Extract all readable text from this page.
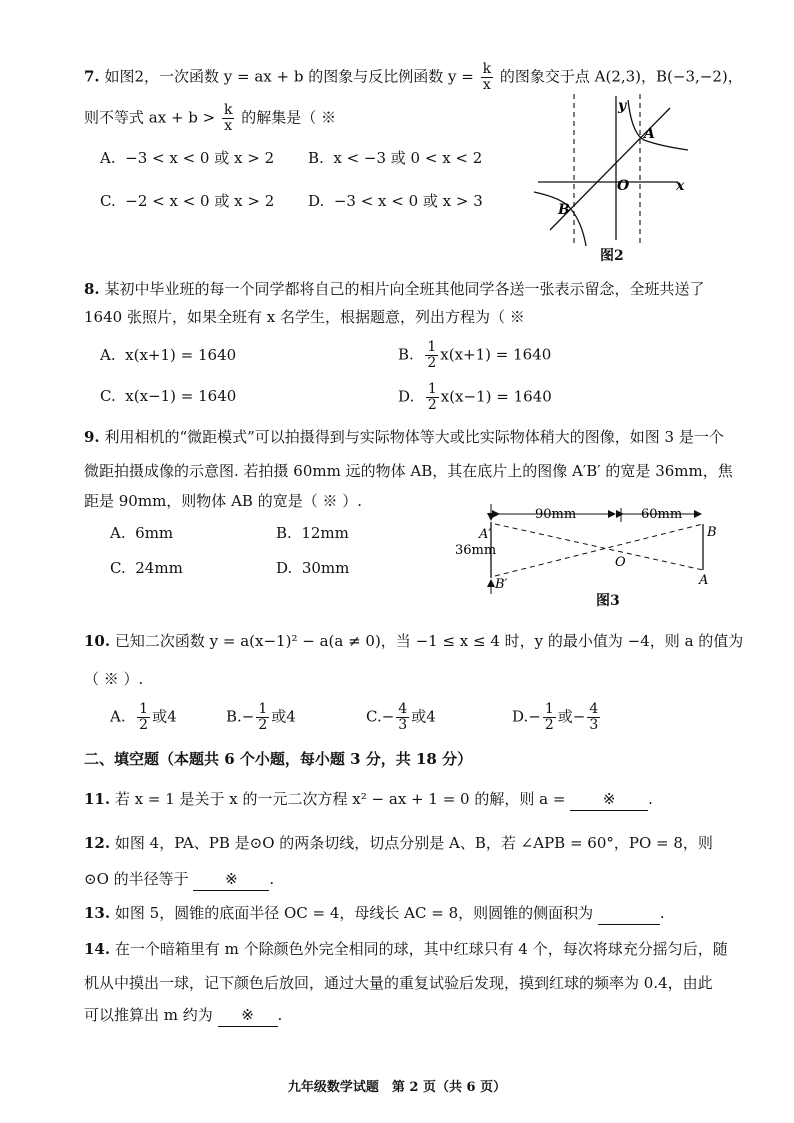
7. 如图2，一次函数 y = ax + b 的图象与反比例函数 $y = \frac{k}{x}$ 的图象交于点 A(2,3)，B(−3,−2)，
则不等式 ax + $b > \frac{k}{x}$ 的解集是（ ※
A. −3 < x < 0 或 x > 2 B. x < −3 或 0 < x < 2
C. −2 < x < 0 或 x > 2 D. −3 < x < 0 或 x > 3
y
x
O
A
B
图2
8. 某初中毕业班的每一个同学都将自己的相片向全班其他同学各送一张表示留念，全班共送了
1640 张照片，如果全班有 x 名学生，根据题意，列出方程为（ ※
A. x(x+1) = 1640	B. $\frac{1}{2} x(x+1) = 1640$
C. x(x−1) = 1640	D. $\frac{1}{2} x(x-1) = 1640$
9. 利用相机的“微距模式”可以拍摄得到与实际物体等大或比实际物体稍大的图像，如图 3 是一个
微距拍摄成像的示意图. 若拍摄 60mm 远的物体 AB，其在底片上的图像 A′B′ 的宽是 36mm，焦
距是 90mm，则物体 AB 的宽是（ ※ ）.
A. 6mm	B. 12mm
C. 24mm	D. 30mm
90mm	60mm
36mm
A′
B′
B
A
O
图3
10. 已知二次函数 y = a(x−1)² − a(a ≠ 0)，当 −1 ≤ x ≤ 4 时，y 的最小值为 −4，则 a 的值为
（ ※ ）.
A. $\frac{1}{2}$ 或4	$B.- \frac{1}{2}$ 或4	$C.- \frac{4}{3}$ 或4	$D.- \frac{1}{2}$ 或− $\frac{4}{3}$
二、填空题（本题共 6 个小题，每小题 3 分，共 18 分）
11. 若 x = 1 是关于 x 的一元二次方程 x² − ax + 1 = 0 的解，则 a = ※ .
12. 如图 4，PA、PB 是⊙O 的两条切线，切点分别是 A、B，若 ∠APB = 60°，PO = 8，则
⊙O 的半径等于 ※ .
13. 如图 5，圆锥的底面半径 OC = 4，母线长 AC = 8，则圆锥的侧面积为	.
14. 在一个暗箱里有 m 个除颜色外完全相同的球，其中红球只有 4 个，每次将球充分摇匀后，随
机从中摸出一球，记下颜色后放回，通过大量的重复试验后发现，摸到红球的频率为 0.4，由此
可以推算出 m 约为 ※ .
九年级数学试题　第 2 页（共 6 页）
